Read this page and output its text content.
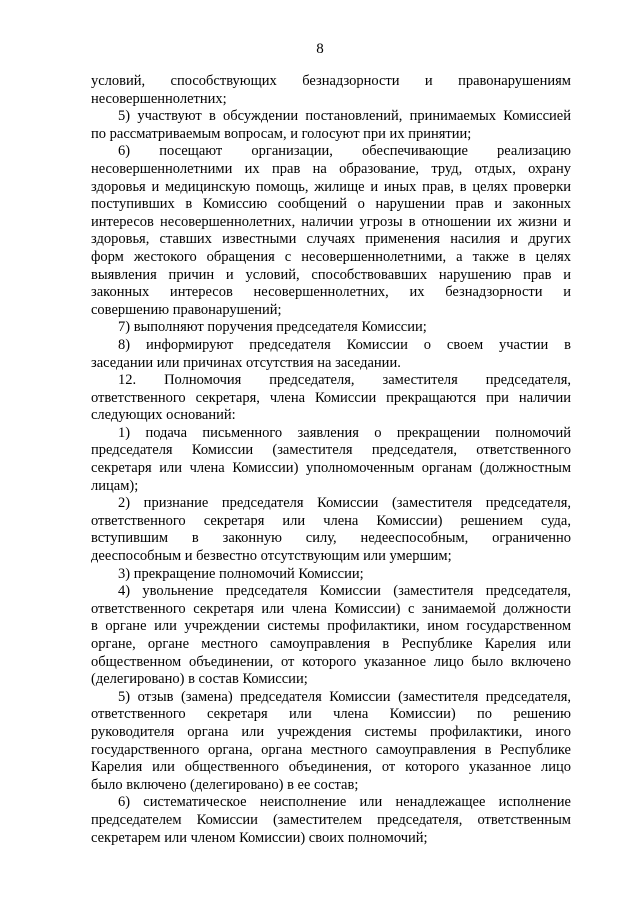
8
условий, способствующих безнадзорности и правонарушениям
несовершеннолетних;
5) участвуют в обсуждении постановлений, принимаемых Комиссией
по рассматриваемым вопросам, и голосуют при их принятии;
6) посещают организации, обеспечивающие реализацию
несовершеннолетними их прав на образование, труд, отдых, охрану
здоровья и медицинскую помощь, жилище и иных прав, в целях проверки
поступивших в Комиссию сообщений о нарушении прав и законных
интересов несовершеннолетних, наличии угрозы в отношении их жизни и
здоровья, ставших известными случаях применения насилия и других
форм жестокого обращения с несовершеннолетними, а также в целях
выявления причин и условий, способствовавших нарушению прав и
законных интересов несовершеннолетних, их безнадзорности и
совершению правонарушений;
7) выполняют поручения председателя Комиссии;
8) информируют председателя Комиссии о своем участии в
заседании или причинах отсутствия на заседании.
12. Полномочия председателя, заместителя председателя,
ответственного секретаря, члена Комиссии прекращаются при наличии
следующих оснований:
1) подача письменного заявления о прекращении полномочий
председателя Комиссии (заместителя председателя, ответственного
секретаря или члена Комиссии) уполномоченным органам (должностным
лицам);
2) признание председателя Комиссии (заместителя председателя,
ответственного секретаря или члена Комиссии) решением суда,
вступившим в законную силу, недееспособным, ограниченно
дееспособным и безвестно отсутствующим или умершим;
3) прекращение полномочий Комиссии;
4) увольнение председателя Комиссии (заместителя председателя,
ответственного секретаря или члена Комиссии) с занимаемой должности
в органе или учреждении системы профилактики, ином государственном
органе, органе местного самоуправления в Республике Карелия или
общественном объединении, от которого указанное лицо было включено
(делегировано) в состав Комиссии;
5) отзыв (замена) председателя Комиссии (заместителя председателя,
ответственного секретаря или члена Комиссии) по решению
руководителя органа или учреждения системы профилактики, иного
государственного органа, органа местного самоуправления в Республике
Карелия или общественного объединения, от которого указанное лицо
было включено (делегировано) в ее состав;
6) систематическое неисполнение или ненадлежащее исполнение
председателем Комиссии (заместителем председателя, ответственным
секретарем или членом Комиссии) своих полномочий;
